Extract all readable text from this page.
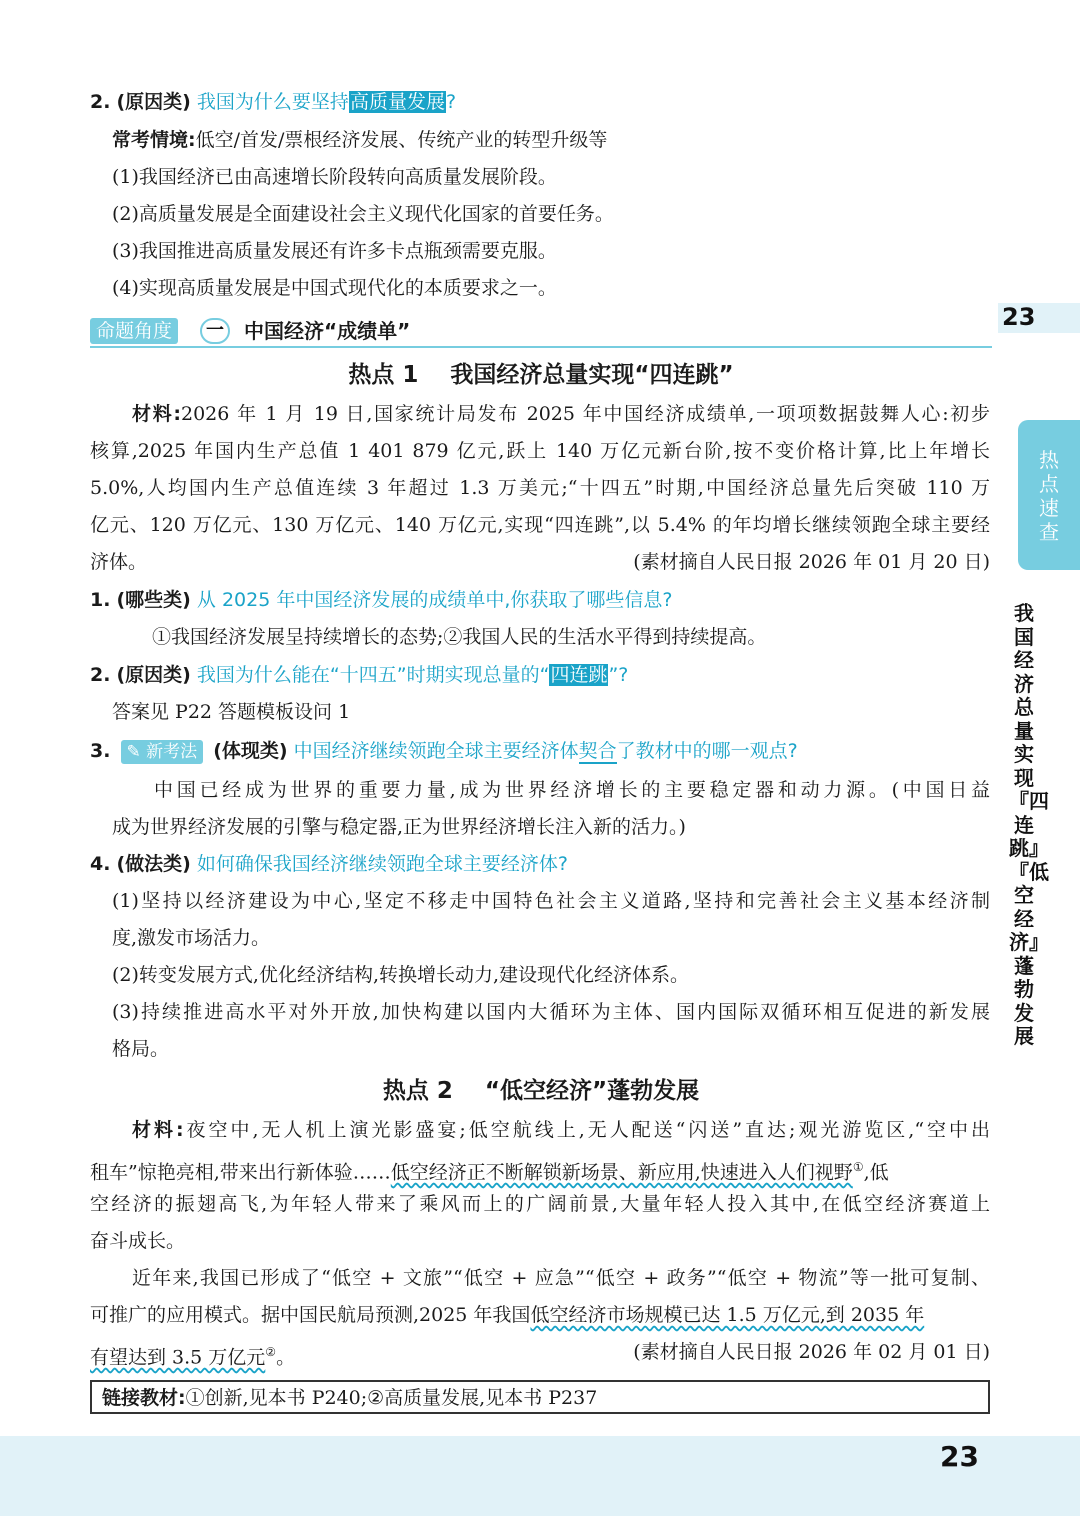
2. (原因类) 我国为什么要坚持高质量发展?
常考情境:低空/首发/票根经济发展、传统产业的转型升级等
(1)我国经济已由高速增长阶段转向高质量发展阶段。
(2)高质量发展是全面建设社会主义现代化国家的首要任务。
(3)我国推进高质量发展还有许多卡点瓶颈需要克服。
(4)实现高质量发展是中国式现代化的本质要求之一。
命题角度	一	中国经济“成绩单”
热点 1    我国经济总量实现“四连跳”
材料:2026 年 1 月 19 日,国家统计局发布 2025 年中国经济成绩单,一项项数据鼓舞人心:初步
核算,2025 年国内生产总值 1 401 879 亿元,跃上 140 万亿元新台阶,按不变价格计算,比上年增长
5.0%,人均国内生产总值连续 3 年超过 1.3 万美元;“十四五”时期,中国经济总量先后突破 110 万
亿元、120 万亿元、130 万亿元、140 万亿元,实现“四连跳”,以 5.4% 的年均增长继续领跑全球主要经
济体。	(素材摘自人民日报 2026 年 01 月 20 日)
1. (哪些类) 从 2025 年中国经济发展的成绩单中,你获取了哪些信息?
①我国经济发展呈持续增长的态势;②我国人民的生活水平得到持续提高。
2. (原因类) 我国为什么能在“十四五”时期实现总量的“四连跳”?
答案见 P22 答题模板设问 1
3. ✎ 新考法 (体现类) 中国经济继续领跑全球主要经济体契合了教材中的哪一观点?
中国已经成为世界的重要力量,成为世界经济增长的主要稳定器和动力源。(中国日益
成为世界经济发展的引擎与稳定器,正为世界经济增长注入新的活力。)
4. (做法类) 如何确保我国经济继续领跑全球主要经济体?
(1)坚持以经济建设为中心,坚定不移走中国特色社会主义道路,坚持和完善社会主义基本经济制
度,激发市场活力。
(2)转变发展方式,优化经济结构,转换增长动力,建设现代化经济体系。
(3)持续推进高水平对外开放,加快构建以国内大循环为主体、国内国际双循环相互促进的新发展
格局。
热点 2    “低空经济”蓬勃发展
材料:夜空中,无人机上演光影盛宴;低空航线上,无人配送“闪送”直达;观光游览区,“空中出
租车”惊艳亮相,带来出行新体验……低空经济正不断解锁新场景、新应用,快速进入人们视野①,低
空经济的振翅高飞,为年轻人带来了乘风而上的广阔前景,大量年轻人投入其中,在低空经济赛道上
奋斗成长。
近年来,我国已形成了“低空 + 文旅”“低空 + 应急”“低空 + 政务”“低空 + 物流”等一批可复制、
可推广的应用模式。据中国民航局预测,2025 年我国低空经济市场规模已达 1.5 万亿元,到 2035 年
有望达到 3.5 万亿元②。	(素材摘自人民日报 2026 年 02 月 01 日)
链接教材:①创新,见本书 P240;②高质量发展,见本书 P237
23
热点速查
我国经济总量实现『四连跳』『低空经济』蓬勃发展
23
